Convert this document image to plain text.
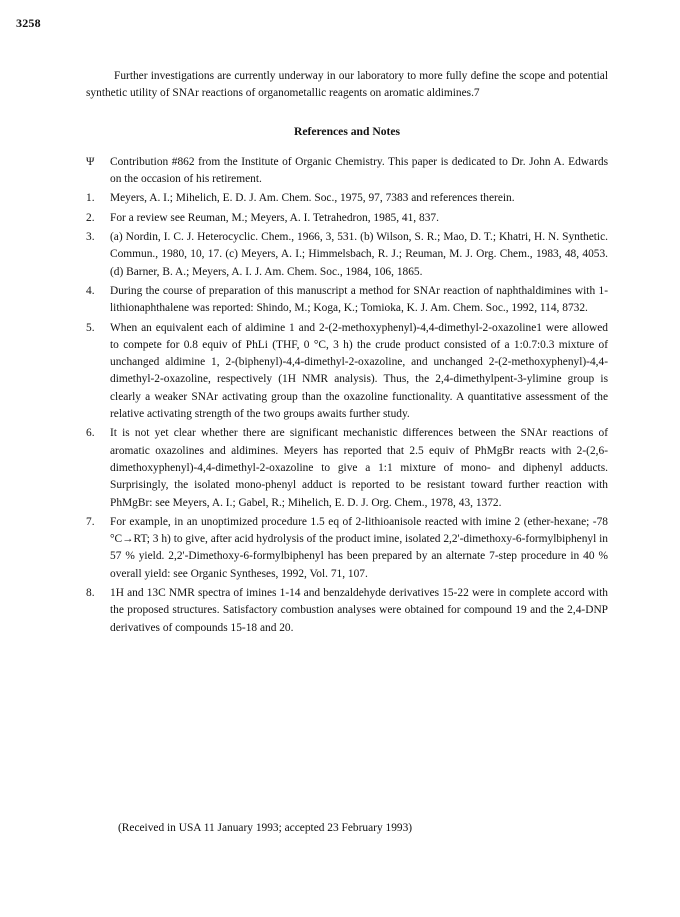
3258

Further investigations are currently underway in our laboratory to more fully define the scope and potential synthetic utility of SNAr reactions of organometallic reagents on aromatic aldimines.7

References and Notes
Ψ Contribution #862 from the Institute of Organic Chemistry. This paper is dedicated to Dr. John A. Edwards on the occasion of his retirement.
1. Meyers, A. I.; Mihelich, E. D. J. Am. Chem. Soc., 1975, 97, 7383 and references therein.
2. For a review see Reuman, M.; Meyers, A. I. Tetrahedron, 1985, 41, 837.
3. (a) Nordin, I. C. J. Heterocyclic. Chem., 1966, 3, 531. (b) Wilson, S. R.; Mao, D. T.; Khatri, H. N. Synthetic. Commun., 1980, 10, 17. (c) Meyers, A. I.; Himmelsbach, R. J.; Reuman, M. J. Org. Chem., 1983, 48, 4053. (d) Barner, B. A.; Meyers, A. I. J. Am. Chem. Soc., 1984, 106, 1865.
4. During the course of preparation of this manuscript a method for SNAr reaction of naphthaldimines with 1-lithionaphthalene was reported: Shindo, M.; Koga, K.; Tomioka, K. J. Am. Chem. Soc., 1992, 114, 8732.
5. When an equivalent each of aldimine 1 and 2-(2-methoxyphenyl)-4,4-dimethyl-2-oxazoline1 were allowed to compete for 0.8 equiv of PhLi (THF, 0 °C, 3 h) the crude product consisted of a 1:0.7:0.3 mixture of unchanged aldimine 1, 2-(biphenyl)-4,4-dimethyl-2-oxazoline, and unchanged 2-(2-methoxyphenyl)-4,4-dimethyl-2-oxazoline, respectively (1H NMR analysis). Thus, the 2,4-dimethylpent-3-ylimine group is clearly a weaker SNAr activating group than the oxazoline functionality. A quantitative assessment of the relative activating strength of the two groups awaits further study.
6. It is not yet clear whether there are significant mechanistic differences between the SNAr reactions of aromatic oxazolines and aldimines. Meyers has reported that 2.5 equiv of PhMgBr reacts with 2-(2,6-dimethoxyphenyl)-4,4-dimethyl-2-oxazoline to give a 1:1 mixture of mono- and diphenyl adducts. Surprisingly, the isolated mono-phenyl adduct is reported to be resistant toward further reaction with PhMgBr: see Meyers, A. I.; Gabel, R.; Mihelich, E. D. J. Org. Chem., 1978, 43, 1372.
7. For example, in an unoptimized procedure 1.5 eq of 2-lithioanisole reacted with imine 2 (ether-hexane; -78 °C→RT; 3 h) to give, after acid hydrolysis of the product imine, isolated 2,2'-dimethoxy-6-formylbiphenyl in 57 % yield. 2,2'-Dimethoxy-6-formylbiphenyl has been prepared by an alternate 7-step procedure in 40 % overall yield: see Organic Syntheses, 1992, Vol. 71, 107.
8. 1H and 13C NMR spectra of imines 1-14 and benzaldehyde derivatives 15-22 were in complete accord with the proposed structures. Satisfactory combustion analyses were obtained for compound 19 and the 2,4-DNP derivatives of compounds 15-18 and 20.
(Received in USA 11 January 1993; accepted 23 February 1993)
